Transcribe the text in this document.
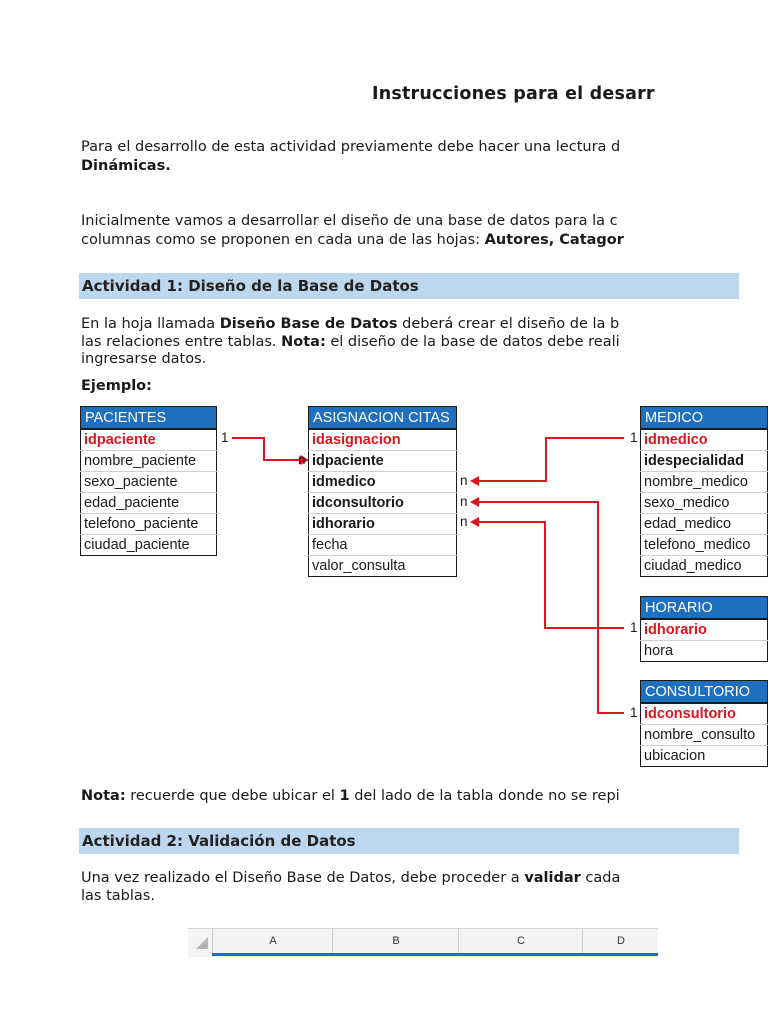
Instrucciones para el desarr
Para el desarrollo de esta actividad previamente debe hacer una lectura d
Dinámicas.
Inicialmente vamos a desarrollar el diseño de una base de datos para la c
columnas como se proponen en cada una de las hojas: Autores, Catagor
En la hoja llamada Diseño Base de Datos deberá crear el diseño de la b
las relaciones entre tablas. Nota: el diseño de la base de datos debe reali
ingresarse datos.
Ejemplo:
Nota: recuerde que debe ubicar el 1 del lado de la tabla donde no se repi
Una vez realizado el Diseño Base de Datos, debe proceder a validar cada
las tablas.
Actividad 1: Diseño de la Base de Datos
Actividad 2: Validación de Datos
PACIENTES
idpaciente
nombre_paciente
sexo_paciente
edad_paciente
telefono_paciente
ciudad_paciente
ASIGNACION CITAS
idasignacion
idpaciente
idmedico
idconsultorio
idhorario
fecha
valor_consulta
MEDICO
idmedico
idespecialidad
nombre_medico
sexo_medico
edad_medico
telefono_medico
ciudad_medico
HORARIO
idhorario
hora
CONSULTORIO
idconsultorio
nombre_consulto
ubicacion
1
n
n
n
n
1
1
1
A	B	C	D
